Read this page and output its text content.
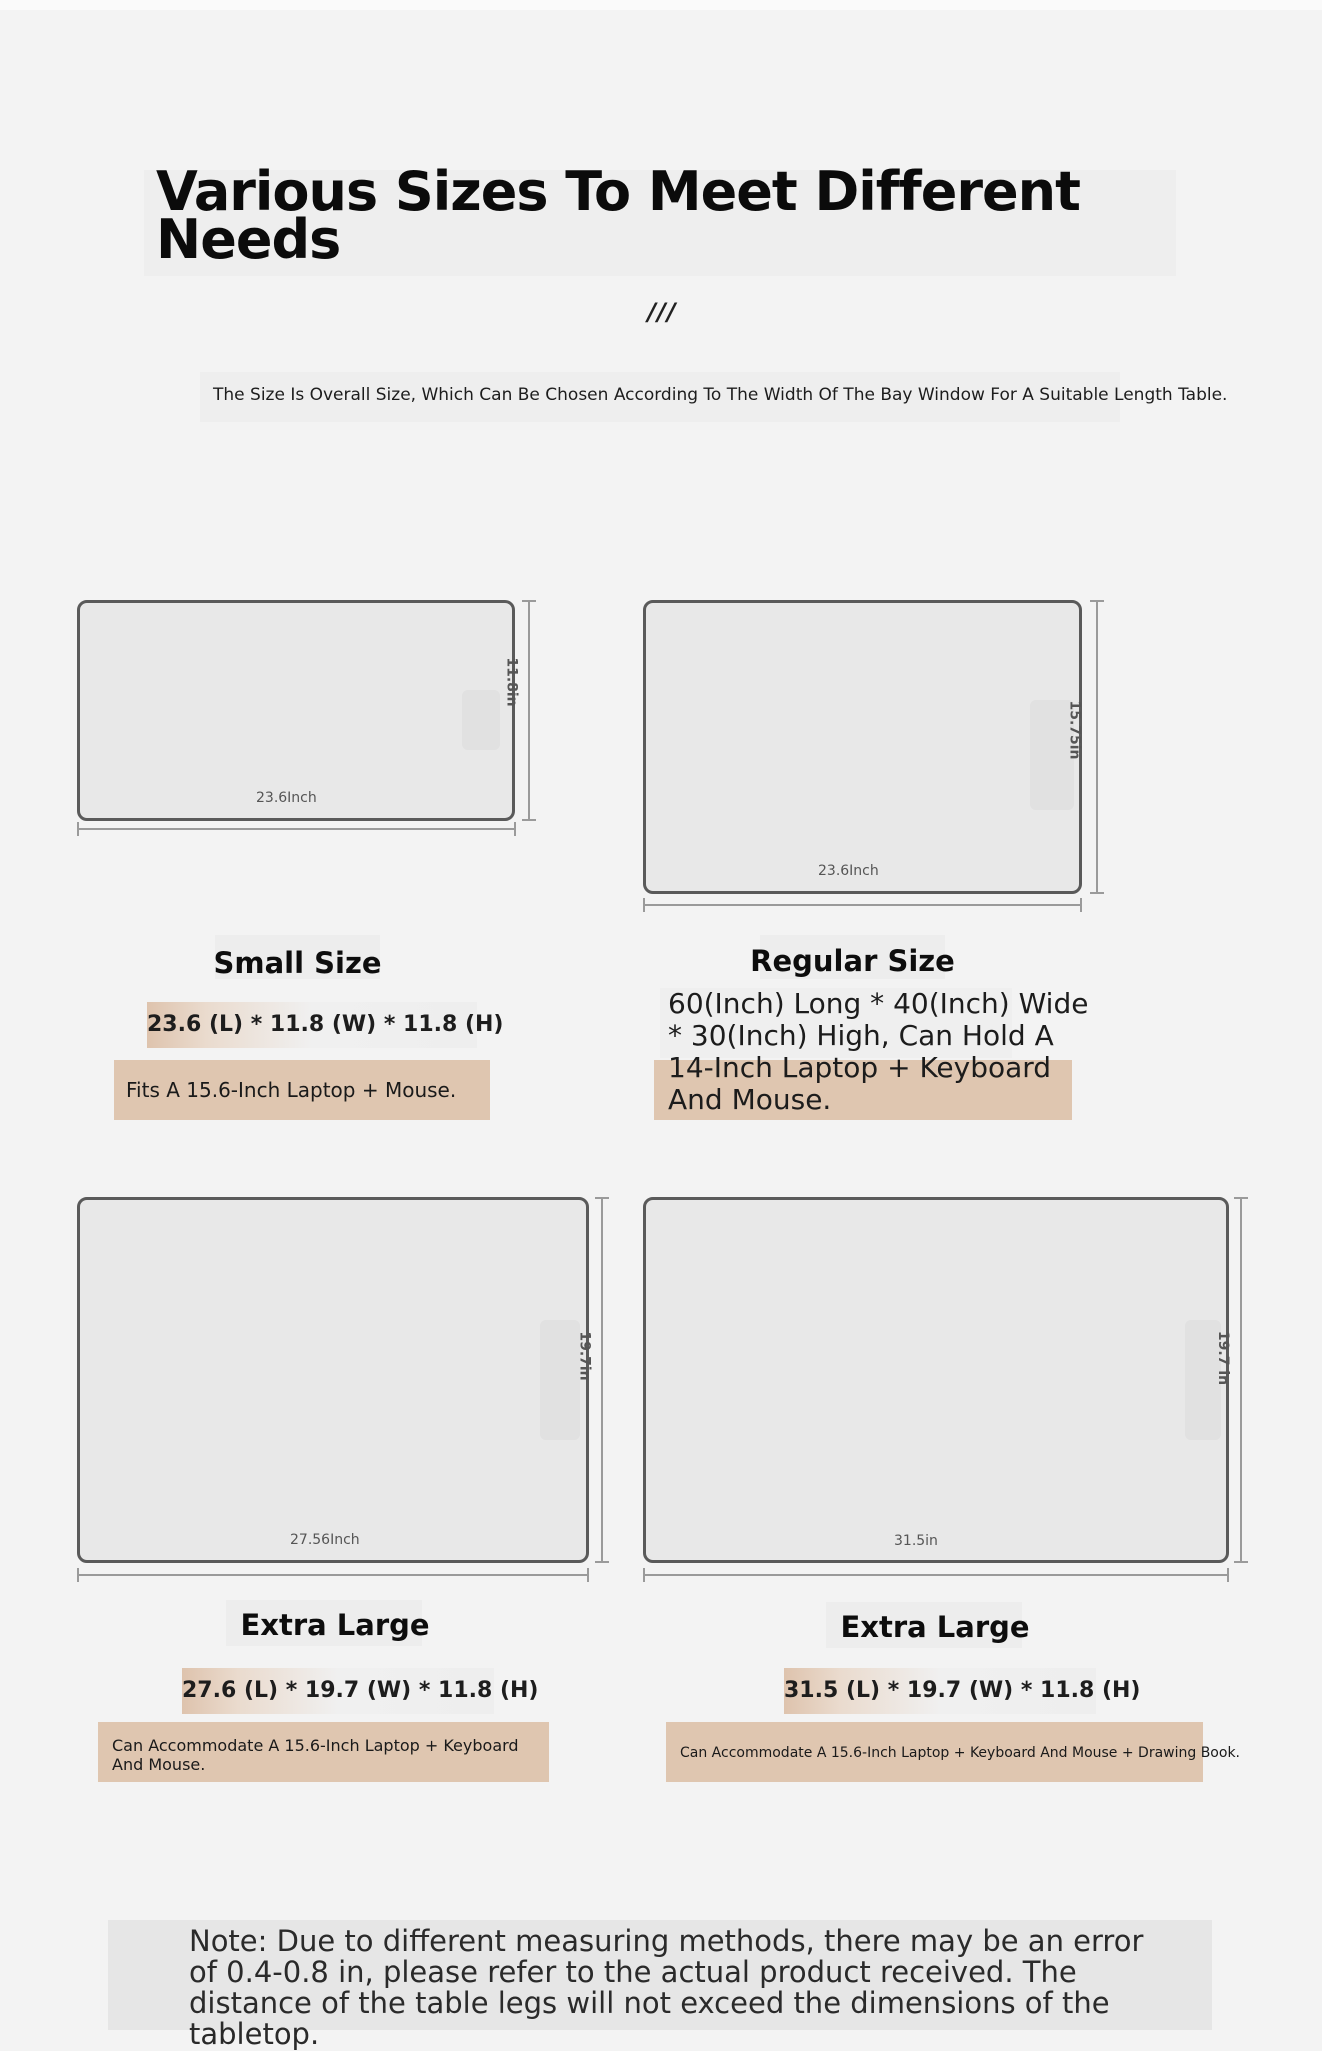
Various Sizes To Meet Different Needs
///
The Size Is Overall Size, Which Can Be Chosen According To The Width Of The Bay Window For A Suitable Length Table.
23.6Inch
11.8in
Small Size
23.6 (L) * 11.8 (W) * 11.8 (H)
Fits A 15.6-Inch Laptop + Mouse.
23.6Inch
15.75in
Regular Size
60(Inch) Long * 40(Inch) Wide * 30(Inch) High, Can Hold A 14-Inch Laptop + Keyboard And Mouse.
27.56Inch
19.7in
Extra Large
27.6 (L) * 19.7 (W) * 11.8 (H)
Can Accommodate A 15.6-Inch Laptop + Keyboard And Mouse.
31.5in
19.7 in
Extra Large
31.5 (L) * 19.7 (W) * 11.8 (H)
Can Accommodate A 15.6-Inch Laptop + Keyboard And Mouse + Drawing Book.
Note: Due to different measuring methods, there may be an error of 0.4-0.8 in, please refer to the actual product received. The distance of the table legs will not exceed the dimensions of the tabletop.
